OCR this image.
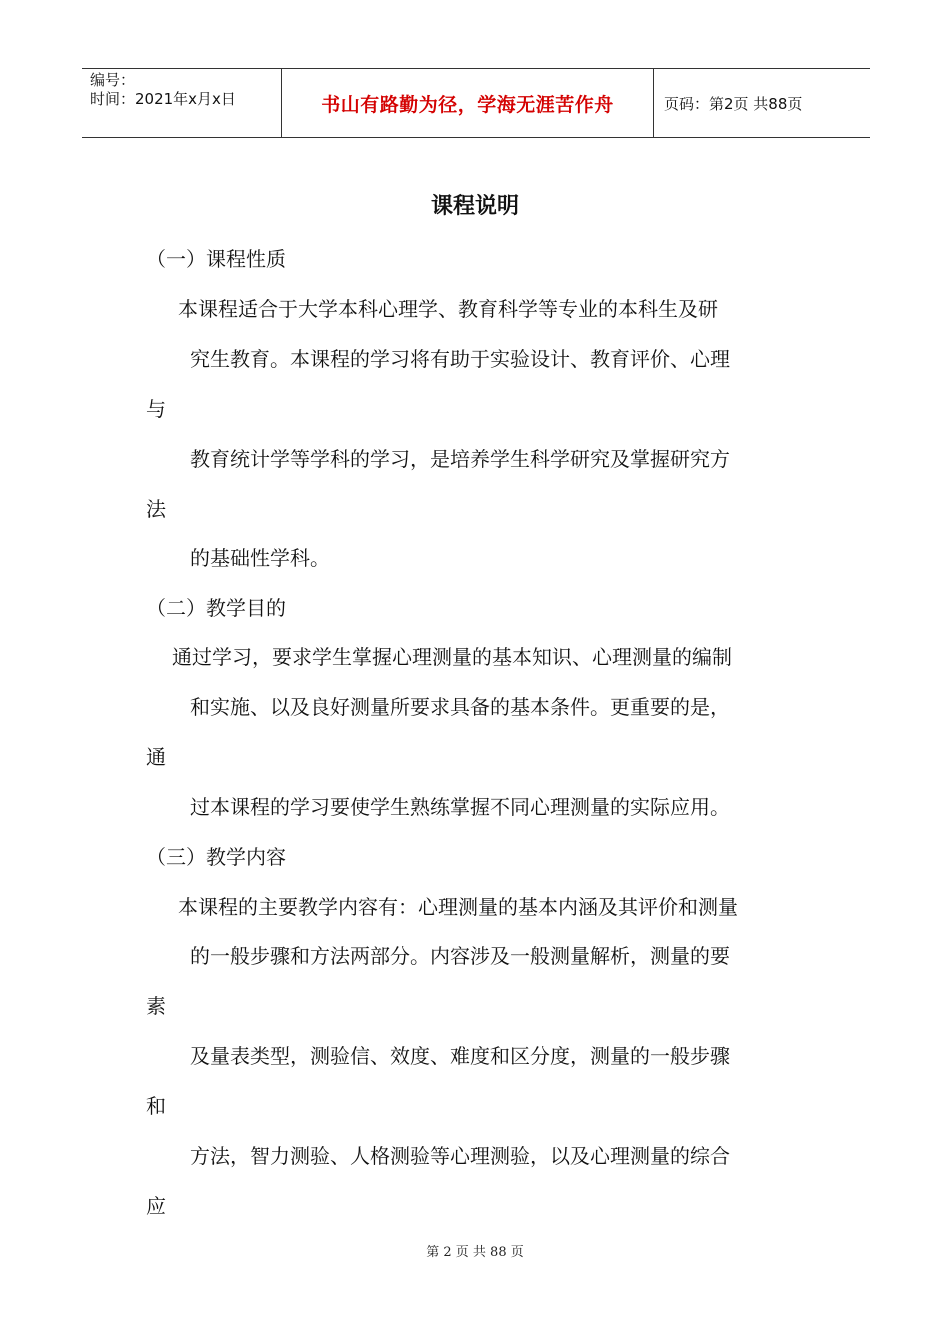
编号：
时间：2021年x月x日	书山有路勤为径，学海无涯苦作舟	页码：第2页 共88页
课程说明
（一）课程性质
本课程适合于大学本科心理学、教育科学等专业的本科生及研
究生教育。本课程的学习将有助于实验设计、教育评价、心理
与
教育统计学等学科的学习，是培养学生科学研究及掌握研究方
法
的基础性学科。
（二）教学目的
通过学习，要求学生掌握心理测量的基本知识、心理测量的编制
和实施、以及良好测量所要求具备的基本条件。更重要的是，
通
过本课程的学习要使学生熟练掌握不同心理测量的实际应用。
（三）教学内容
本课程的主要教学内容有：心理测量的基本内涵及其评价和测量
的一般步骤和方法两部分。内容涉及一般测量解析，测量的要
素
及量表类型，测验信、效度、难度和区分度，测量的一般步骤
和
方法，智力测验、人格测验等心理测验，以及心理测量的综合
应
第 2 页 共 88 页
